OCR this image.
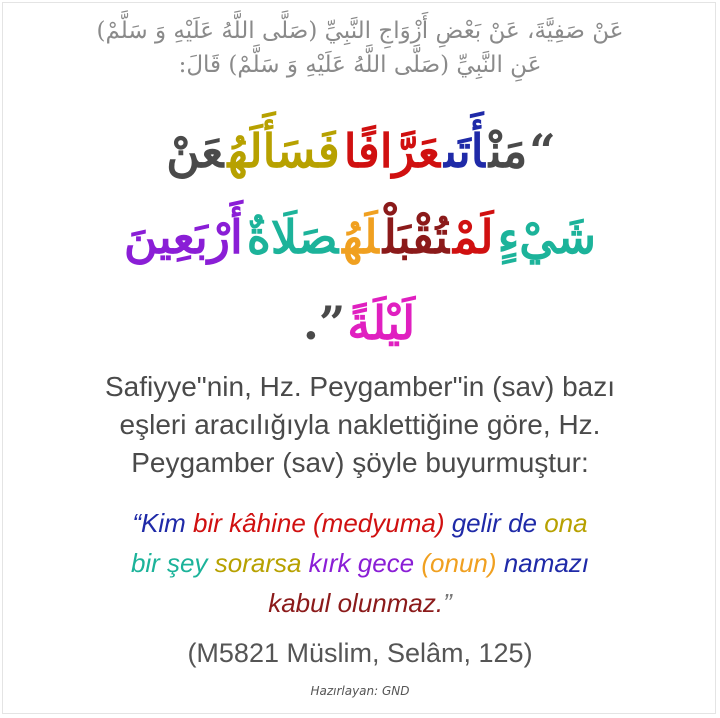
عَنْ صَفِيَّةَ، عَنْ بَعْضِ أَزْوَاجِ النَّبِيِّ (صَلَّى اللَّهُ عَلَيْهِ وَ سَلَّمْ)
عَنِ النَّبِيِّ (صَلَّى اللَّهُ عَلَيْهِ وَ سَلَّمْ) قَالَ:
“مَنْأَتَىعَرَّافًافَسَأَلَهُعَنْ
شَيْءٍلَمْتُقْبَلْلَهُصَلَاةٌأَرْبَعِينَ
لَيْلَةً”.
Safiyye"nin, Hz. Peygamber"in (sav) bazı
eşleri aracılığıyla naklettiğine göre, Hz.
Peygamber (sav) şöyle buyurmuştur:
“Kim bir kâhine (medyuma) gelir de ona
bir şey sorarsa kırk gece (onun) namazı
kabul olunmaz.”
(M5821 Müslim, Selâm, 125)
Hazırlayan: GND
